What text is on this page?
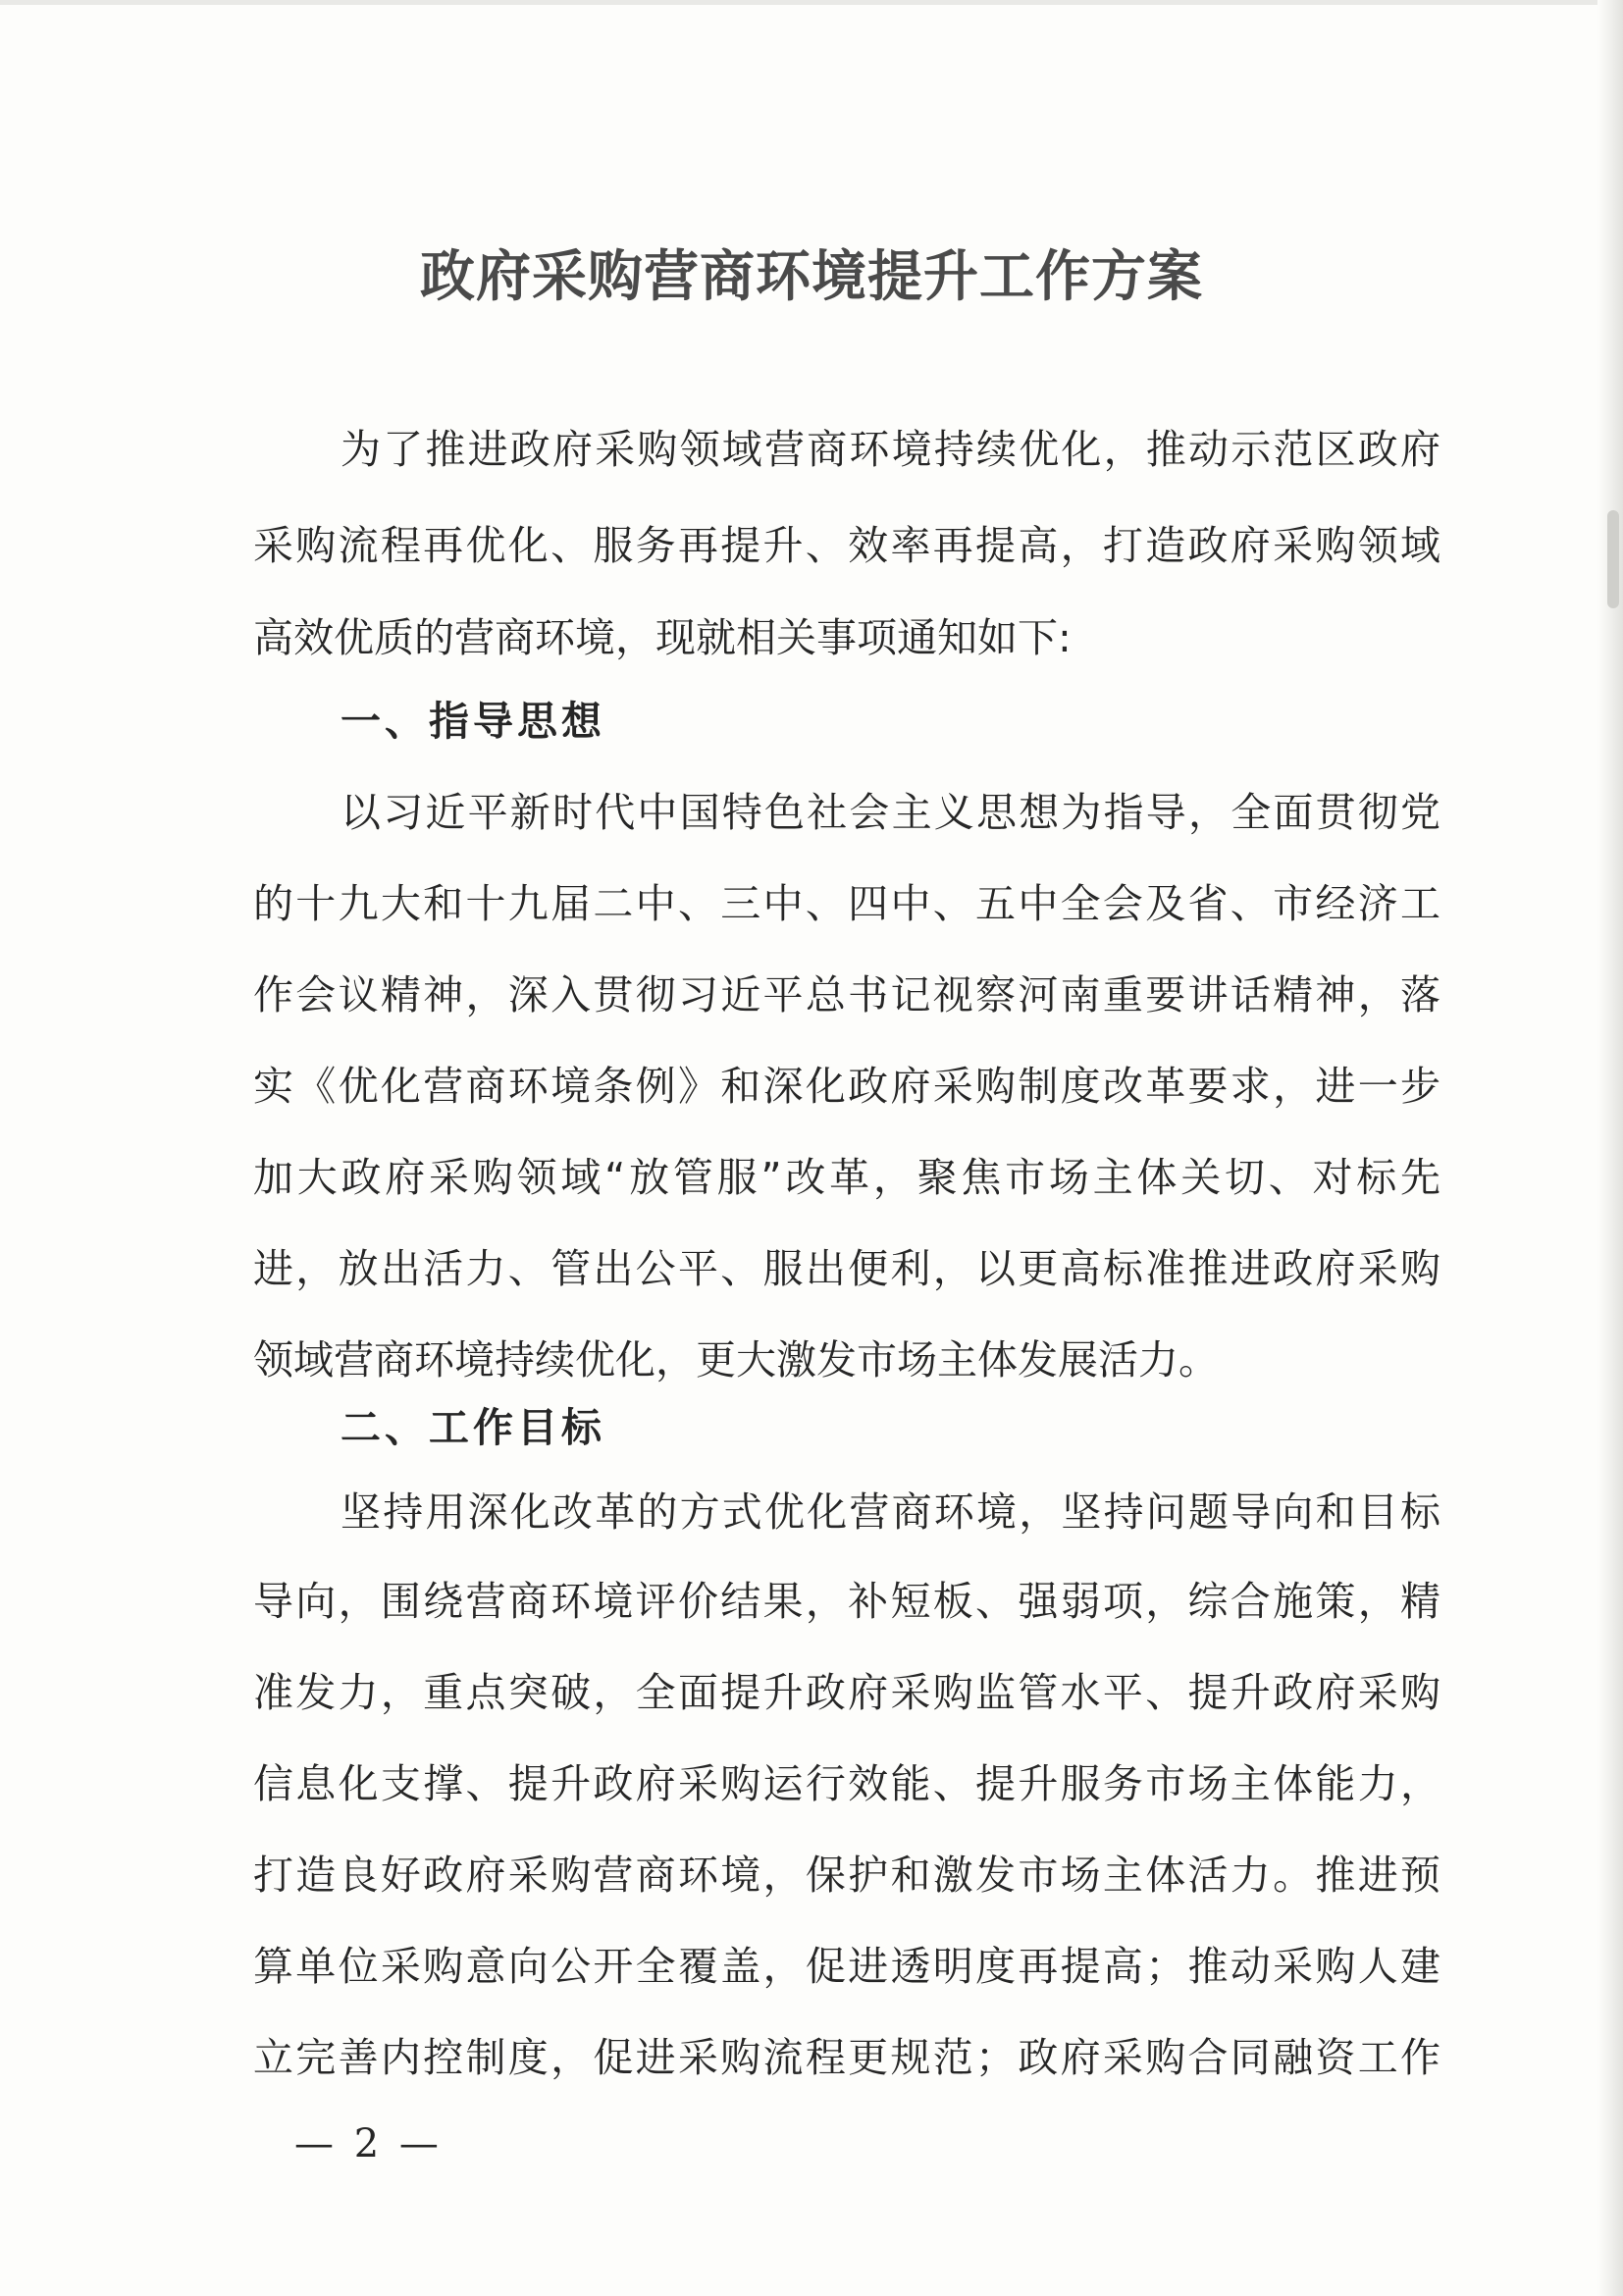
政府采购营商环境提升工作方案

为了推进政府采购领域营商环境持续优化，推动示范区政府

采购流程再优化、服务再提升、效率再提高，打造政府采购领域

高效优质的营商环境，现就相关事项通知如下:

一、指导思想

以习近平新时代中国特色社会主义思想为指导，全面贯彻党

的十九大和十九届二中、三中、四中、五中全会及省、市经济工

作会议精神，深入贯彻习近平总书记视察河南重要讲话精神，落

实《优化营商环境条例》和深化政府采购制度改革要求，进一步

加大政府采购领域“放管服”改革，聚焦市场主体关切、对标先

进，放出活力、管出公平、服出便利，以更高标准推进政府采购

领域营商环境持续优化，更大激发市场主体发展活力。

二、工作目标

坚持用深化改革的方式优化营商环境，坚持问题导向和目标

导向，围绕营商环境评价结果，补短板、强弱项，综合施策，精

准发力，重点突破，全面提升政府采购监管水平、提升政府采购

信息化支撑、提升政府采购运行效能、提升服务市场主体能力，

打造良好政府采购营商环境，保护和激发市场主体活力。推进预

算单位采购意向公开全覆盖，促进透明度再提高；推动采购人建

立完善内控制度，促进采购流程更规范；政府采购合同融资工作

— 2 —
